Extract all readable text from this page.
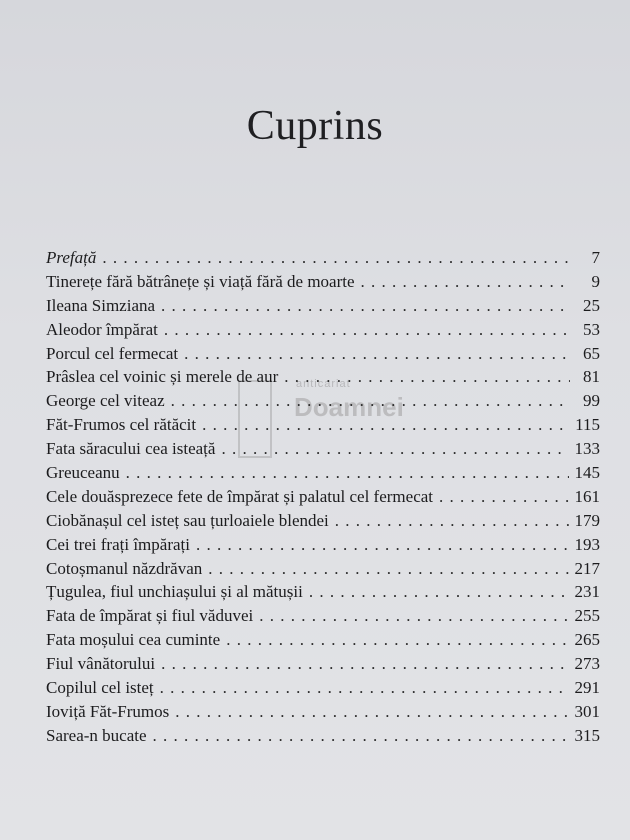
Cuprins
anticariat
Doamnei
Prefață . . .	7
Tinerețe fără bătrânețe și viață fără de moarte . . .	9
Ileana Simziana . . .	25
Aleodor împărat . . .	53
Porcul cel fermecat . . .	65
Prâslea cel voinic și merele de aur . . .	81
George cel viteaz . . .	99
Făt-Frumos cel rătăcit . . .	115
Fata săracului cea isteață . . .	133
Greuceanu . . .	145
Cele douăsprezece fete de împărat și palatul cel fermecat . . .	161
Ciobănașul cel isteț sau țurloaiele blendei . . .	179
Cei trei frați împărați . . .	193
Cotoșmanul năzdrăvan . . .	217
Țugulea, fiul unchiașului și al mătușii . . .	231
Fata de împărat și fiul văduvei . . .	255
Fata moșului cea cuminte . . .	265
Fiul vânătorului . . .	273
Copilul cel isteț . . .	291
Ioviță Făt-Frumos . . .	301
Sarea-n bucate . . .	315
